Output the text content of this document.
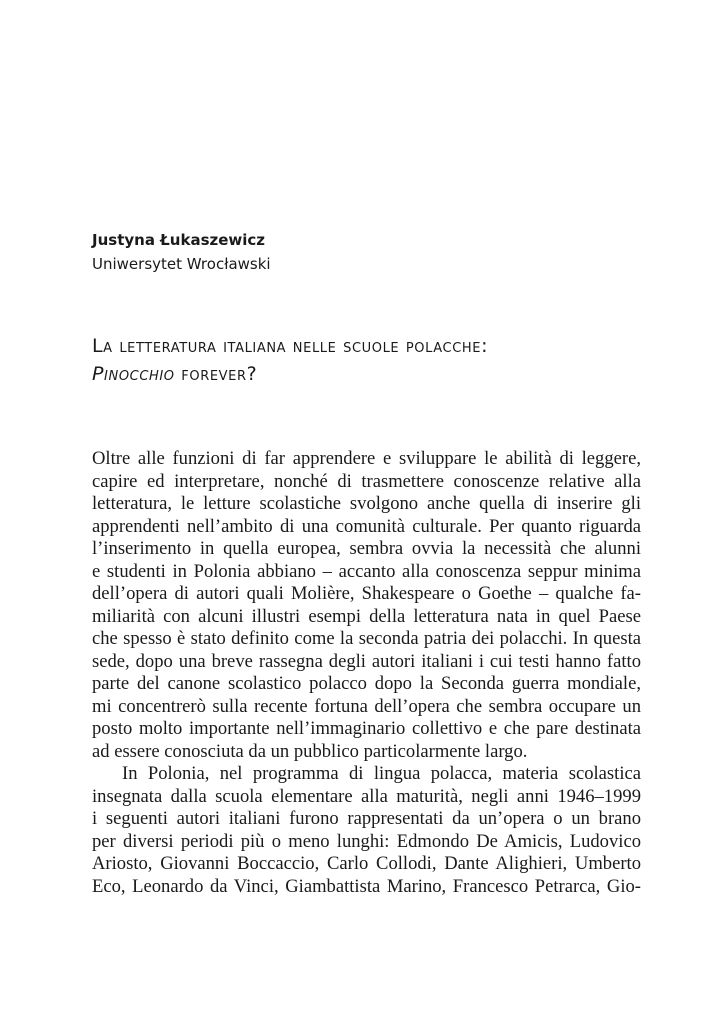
Justyna Łukaszewicz
Uniwersytet Wrocławski
La letteratura italiana nelle scuole polacche:
Pinocchio forever?

Oltre alle funzioni di far apprendere e sviluppare le abilità di leggere,
capire ed interpretare, nonché di trasmettere conoscenze relative alla
letteratura, le letture scolastiche svolgono anche quella di inserire gli
apprendenti nell’ambito di una comunità culturale. Per quanto riguarda
l’inserimento in quella europea, sembra ovvia la necessità che alunni
e studenti in Polonia abbiano – accanto alla conoscenza seppur minima
dell’opera di autori quali Molière, Shakespeare o Goethe – qualche fa-
miliarità con alcuni illustri esempi della letteratura nata in quel Paese
che spesso è stato definito come la seconda patria dei polacchi. In questa
sede, dopo una breve rassegna degli autori italiani i cui testi hanno fatto
parte del canone scolastico polacco dopo la Seconda guerra mondiale,
mi concentrerò sulla recente fortuna dell’opera che sembra occupare un
posto molto importante nell’immaginario collettivo e che pare destinata
ad essere conosciuta da un pubblico particolarmente largo.

In Polonia, nel programma di lingua polacca, materia scolastica
insegnata dalla scuola elementare alla maturità, negli anni 1946–1999
i seguenti autori italiani furono rappresentati da un’opera o un brano
per diversi periodi più o meno lunghi: Edmondo De Amicis, Ludovico
Ariosto, Giovanni Boccaccio, Carlo Collodi, Dante Alighieri, Umberto
Eco, Leonardo da Vinci, Giambattista Marino, Francesco Petrarca, Gio-
